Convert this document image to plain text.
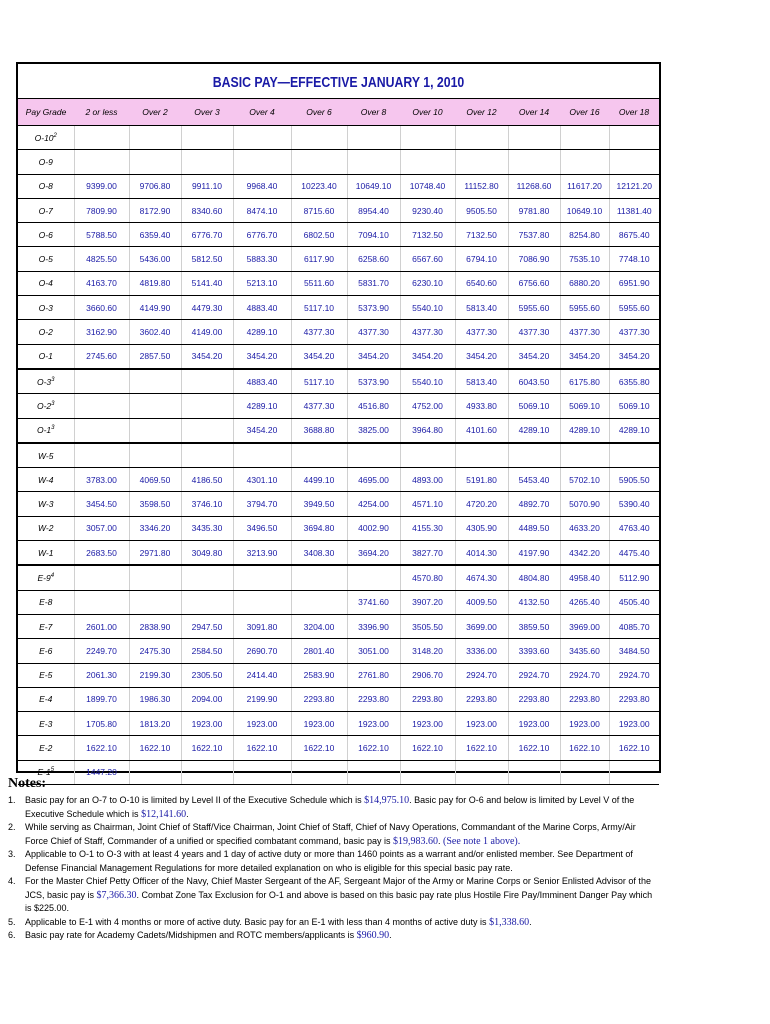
BASIC PAY—EFFECTIVE JANUARY 1, 2010
Pay Grade	2 or less	Over 2	Over 3	Over 4	Over 6	Over 8	Over 10	Over 12	Over 14	Over 16	Over 18
$O-10^2$											
O-9											
O-8	9399.00	9706.80	9911.10	9968.40	10223.40	10649.10	10748.40	11152.80	11268.60	11617.20	12121.20
O-7	7809.90	8172.90	8340.60	8474.10	8715.60	8954.40	9230.40	9505.50	9781.80	10649.10	11381.40
O-6	5788.50	6359.40	6776.70	6776.70	6802.50	7094.10	7132.50	7132.50	7537.80	8254.80	8675.40
O-5	4825.50	5436.00	5812.50	5883.30	6117.90	6258.60	6567.60	6794.10	7086.90	7535.10	7748.10
O-4	4163.70	4819.80	5141.40	5213.10	5511.60	5831.70	6230.10	6540.60	6756.60	6880.20	6951.90
O-3	3660.60	4149.90	4479.30	4883.40	5117.10	5373.90	5540.10	5813.40	5955.60	5955.60	5955.60
O-2	3162.90	3602.40	4149.00	4289.10	4377.30	4377.30	4377.30	4377.30	4377.30	4377.30	4377.30
O-1	2745.60	2857.50	3454.20	3454.20	3454.20	3454.20	3454.20	3454.20	3454.20	3454.20	3454.20
$O-3^3$				4883.40	5117.10	5373.90	5540.10	5813.40	6043.50	6175.80	6355.80
$O-2^3$				4289.10	4377.30	4516.80	4752.00	4933.80	5069.10	5069.10	5069.10
$O-1^3$				3454.20	3688.80	3825.00	3964.80	4101.60	4289.10	4289.10	4289.10
W-5											
W-4	3783.00	4069.50	4186.50	4301.10	4499.10	4695.00	4893.00	5191.80	5453.40	5702.10	5905.50
W-3	3454.50	3598.50	3746.10	3794.70	3949.50	4254.00	4571.10	4720.20	4892.70	5070.90	5390.40
W-2	3057.00	3346.20	3435.30	3496.50	3694.80	4002.90	4155.30	4305.90	4489.50	4633.20	4763.40
W-1	2683.50	2971.80	3049.80	3213.90	3408.30	3694.20	3827.70	4014.30	4197.90	4342.20	4475.40
$E-9^4$							4570.80	4674.30	4804.80	4958.40	5112.90
E-8						3741.60	3907.20	4009.50	4132.50	4265.40	4505.40
E-7	2601.00	2838.90	2947.50	3091.80	3204.00	3396.90	3505.50	3699.00	3859.50	3969.00	4085.70
E-6	2249.70	2475.30	2584.50	2690.70	2801.40	3051.00	3148.20	3336.00	3393.60	3435.60	3484.50
E-5	2061.30	2199.30	2305.50	2414.40	2583.90	2761.80	2906.70	2924.70	2924.70	2924.70	2924.70
E-4	1899.70	1986.30	2094.00	2199.90	2293.80	2293.80	2293.80	2293.80	2293.80	2293.80	2293.80
E-3	1705.80	1813.20	1923.00	1923.00	1923.00	1923.00	1923.00	1923.00	1923.00	1923.00	1923.00
E-2	1622.10	1622.10	1622.10	1622.10	1622.10	1622.10	1622.10	1622.10	1622.10	1622.10	1622.10
$E-1^5$	1447.20										
Notes:
1. Basic pay for an O-7 to O-10 is limited by Level II of the Executive Schedule which is $14,975.10. Basic pay for O-6 and below is limited by Level V of the Executive Schedule which is $12,141.60.
2. While serving as Chairman, Joint Chief of Staff/Vice Chairman, Joint Chief of Staff, Chief of Navy Operations, Commandant of the Marine Corps, Army/Air Force Chief of Staff, Commander of a unified or specified combatant command, basic pay is $19,983.60. (See note 1 above).
3. Applicable to O-1 to O-3 with at least 4 years and 1 day of active duty or more than 1460 points as a warrant and/or enlisted member. See Department of Defense Financial Management Regulations for more detailed explanation on who is eligible for this special basic pay rate.
4. For the Master Chief Petty Officer of the Navy, Chief Master Sergeant of the AF, Sergeant Major of the Army or Marine Corps or Senior Enlisted Advisor of the JCS, basic pay is $7,366.30. Combat Zone Tax Exclusion for O-1 and above is based on this basic pay rate plus Hostile Fire Pay/Imminent Danger Pay which is $225.00.
5. Applicable to E-1 with 4 months or more of active duty. Basic pay for an E-1 with less than 4 months of active duty is $1,338.60.
6. Basic pay rate for Academy Cadets/Midshipmen and ROTC members/applicants is $960.90.
